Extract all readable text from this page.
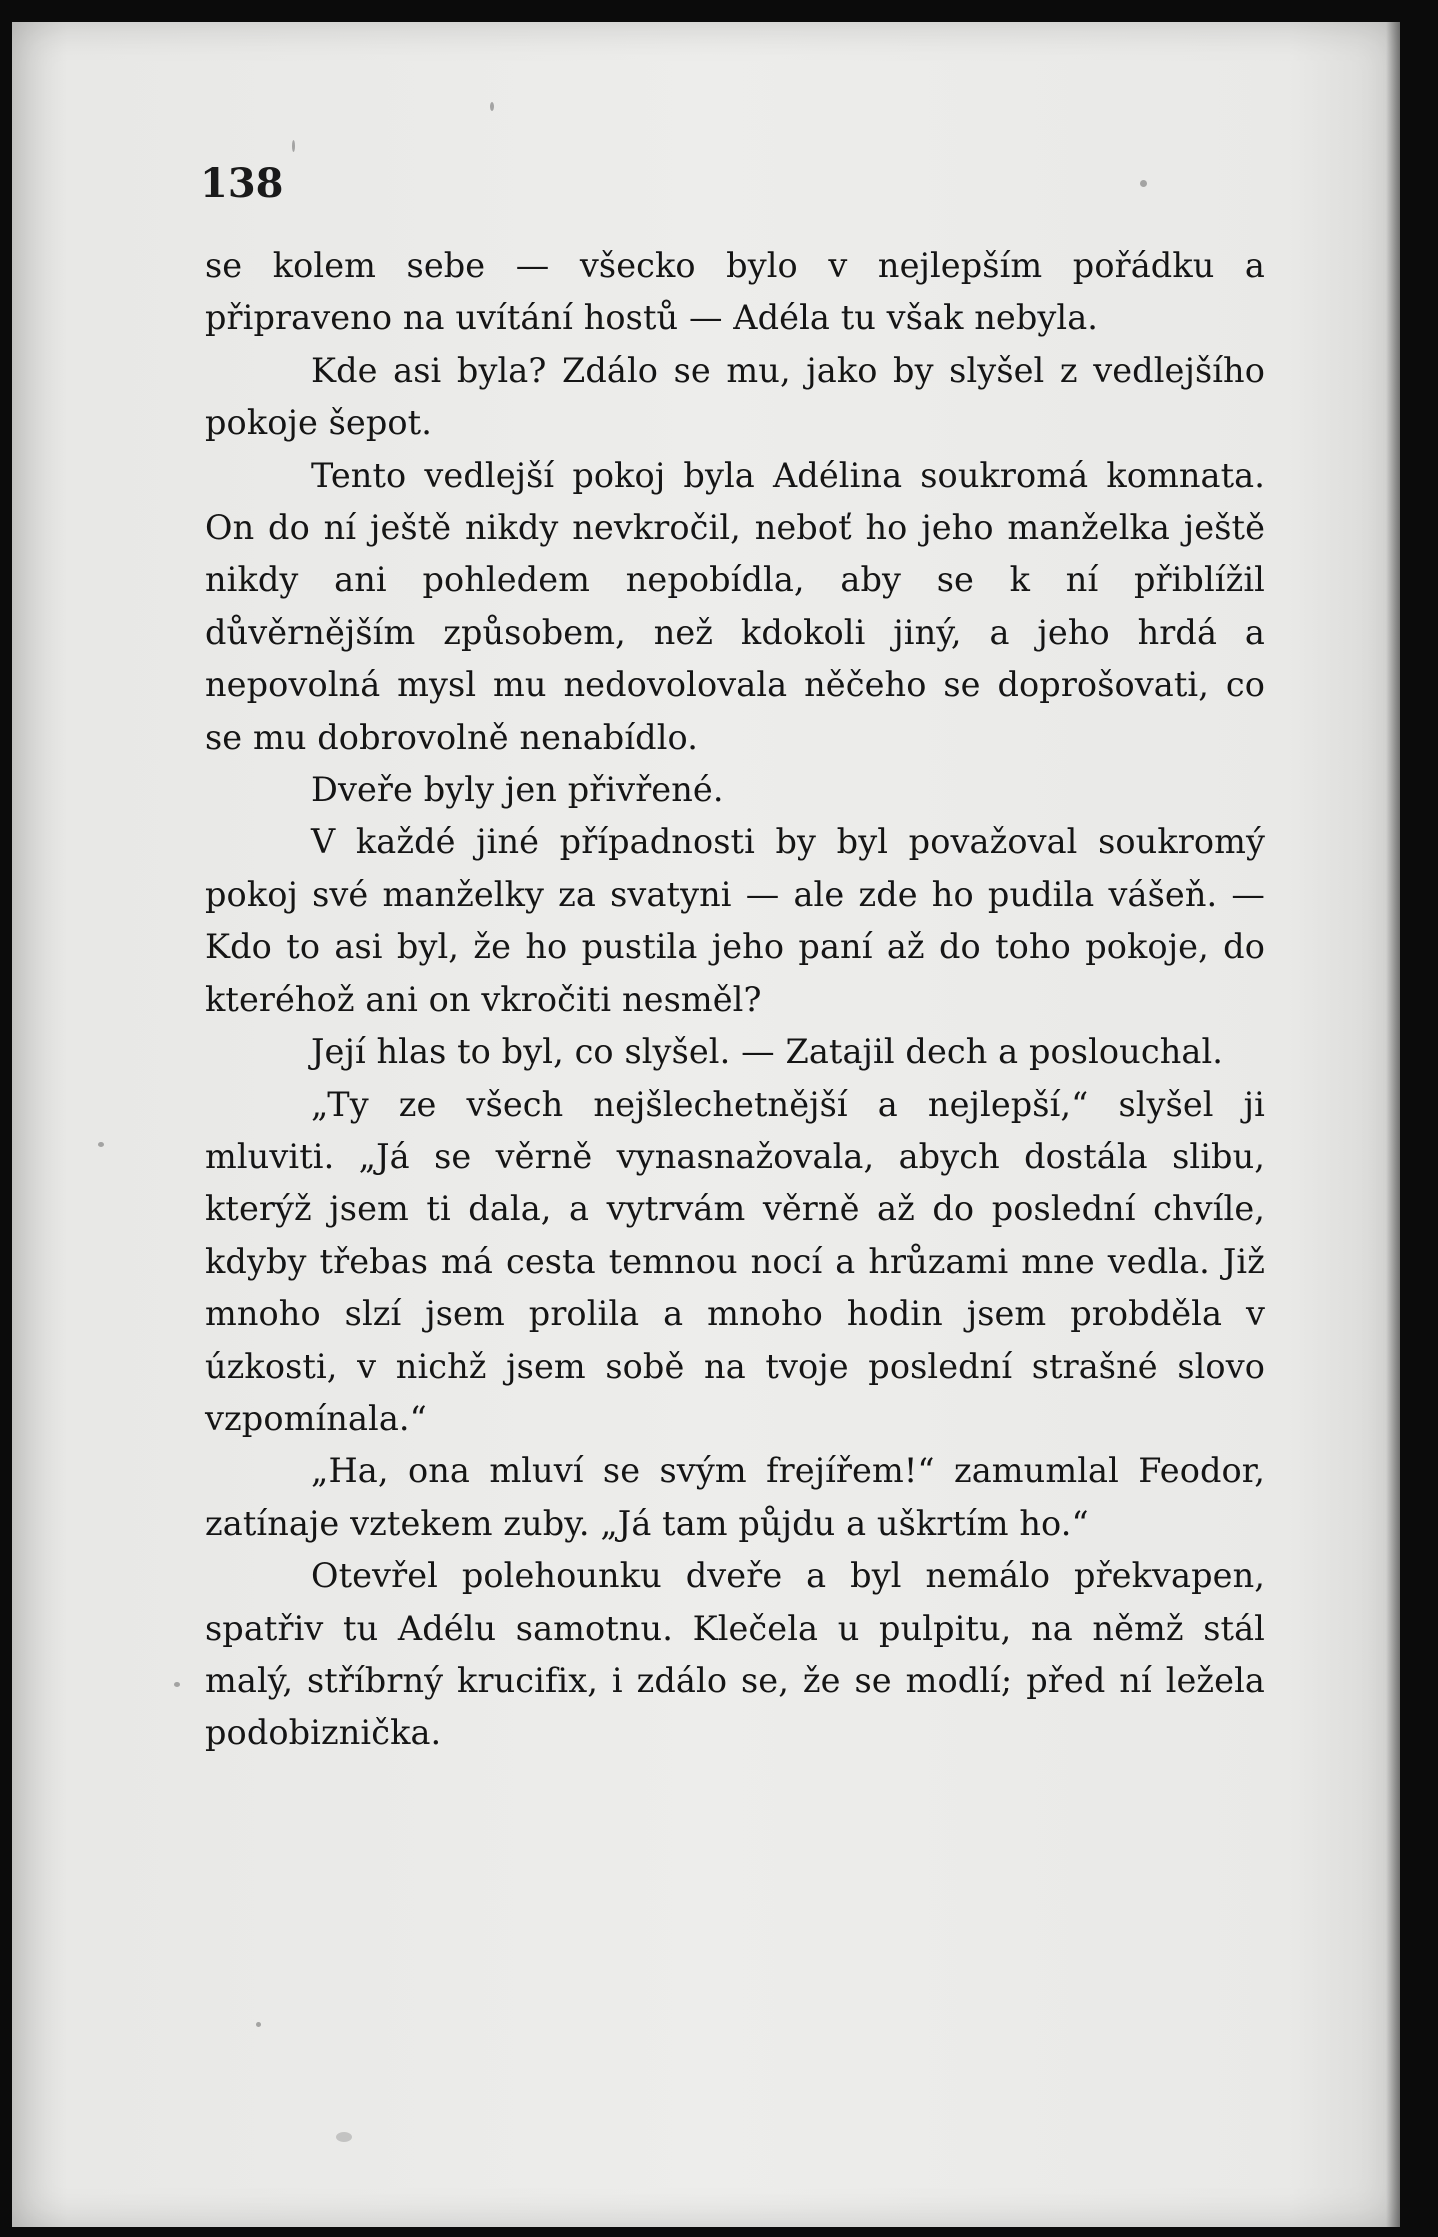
138

se kolem sebe — všecko bylo v nejlepším pořádku a připraveno na uvítání hostů — Adéla tu však nebyla.

Kde asi byla? Zdálo se mu, jako by slyšel z vedlejšího pokoje šepot.

Tento vedlejší pokoj byla Adélina soukromá komnata. On do ní ještě nikdy nevkročil, neboť ho jeho manželka ještě nikdy ani pohledem nepobídla, aby se k ní přiblížil důvěrnějším způsobem, než kdokoli jiný, a jeho hrdá a nepovolná mysl mu nedovolovala něčeho se doprošovati, co se mu dobrovolně nenabídlo.

Dveře byly jen přivřené.

V každé jiné případnosti by byl považoval soukromý pokoj své manželky za svatyni — ale zde ho pudila vášeň. — Kdo to asi byl, že ho pustila jeho paní až do toho pokoje, do kteréhož ani on vkročiti nesměl?

Její hlas to byl, co slyšel. — Zatajil dech a poslouchal.

„Ty ze všech nejšlechetnější a nejlepší,“ slyšel ji mluviti. „Já se věrně vynasnažovala, abych dostála slibu, kterýž jsem ti dala, a vytrvám věrně až do poslední chvíle, kdyby třebas má cesta temnou nocí a hrůzami mne vedla. Již mnoho slzí jsem prolila a mnoho hodin jsem probděla v úzkosti, v nichž jsem sobě na tvoje poslední strašné slovo vzpomínala.“

„Ha, ona mluví se svým frejířem!“ zamumlal Feodor, zatínaje vztekem zuby. „Já tam půjdu a uškrtím ho.“

Otevřel polehounku dveře a byl nemálo překvapen, spatřiv tu Adélu samotnu. Klečela u pulpitu, na němž stál malý, stříbrný krucifix, i zdálo se, že se modlí; před ní ležela podobiznička.
